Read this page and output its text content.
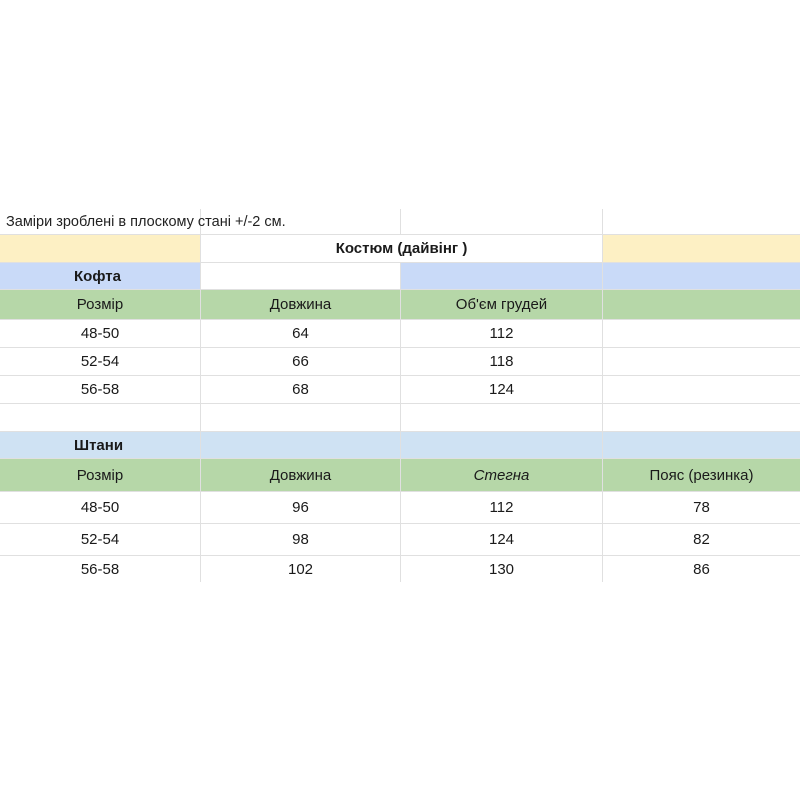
Заміри зроблені в плоскому стані +/-2 см.
Костюм (дайвінг )
Кофта
Розмір	Довжина	Об'єм грудей
48-50	64	112
52-54	66	118
56-58	68	124
Штани
Розмір	Довжина	Стегна	Пояс (резинка)
48-50	96	112	78
52-54	98	124	82
56-58	102	130	86
